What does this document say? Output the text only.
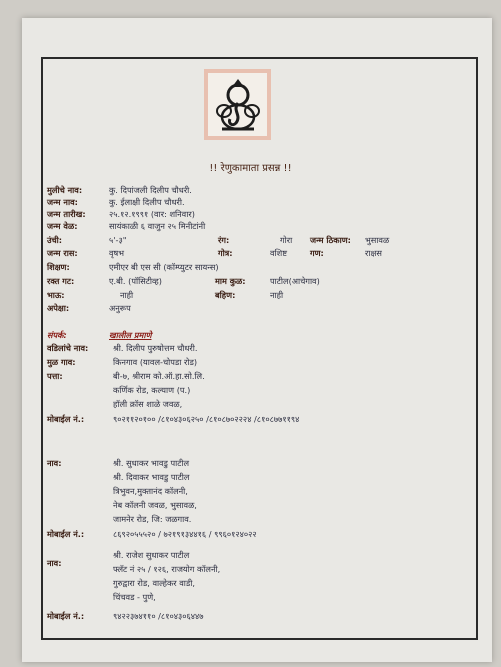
!! रेणुकामाता प्रसन्न !!
मुलीचे नाव:	कु. दिपांजली दिलीप चौधरी.
जन्म नाव:	कु. ईलाक्षी दिलीप चौधरी.
जन्म तारीख:	२५.१२.१९९१ (वार: शनिवार)
जन्म वेळ:	सायंकाळी ६ वाजुन २५ मिनीटांनी
उंची:	५'-३"	रंग:	गोरा जन्म ठिकाण: भुसावळ
जन्म रास:	वृषभ	गोत्र:	वशिष्ट	गण:	राक्षस
शिक्षण:	एमीएर बी एस सी (कॉम्प्युटर सायन्स)
रक्त गट:	ए.बी. (पॉसिटीव्ह)	माम कुळ:	पाटील(आचेगाव)
भाऊ:	नाही	बहिण:	नाही
अपेक्षा:	अनुरूप
संपर्क:	खालील प्रमाणे
वडिलांचे नाव:	श्री. दिलीप पुरुषोत्तम चौधरी.
मुळ गाव:	किनगाव (यावल-चोपडा रोड)
पत्ता:	बी-७, श्रीराम को.ऑ.हा.सो.लि.
कर्णिक रोड, कल्याण (प.)
हॉली क्रॉस शाळे जवळ,
मोबाईल नं.:	९०२११२०१०० /८१०४३०६२५० /८१०८७०२२२४ /८१०८७७११९४
नाव:	श्री. सुधाकर भावडु पाटील
श्री. दिवाकर भावडु पाटील
त्रिभुवन,मुक्तानंद कॉलनी,
नेब कॉलनी जवळ, भुसावळ,
जामनेर रोड, जि: जळगाव.
मोबाईल नं.:	८६९२०५५५२० / ७२१९१३४४१६ / ९९६०१२४०२२
नाव:
श्री. राजेश सुधाकर पाटील
फ्लॅट नं २५ / १२६, राजयोग कॉलनी,
गुरुद्वारा रोड, वाल्हेकर वाडी,
चिंचवड - पुणे,
मोबाईल नं.:	९४२२३७४११० /८१०४३०६४४७
